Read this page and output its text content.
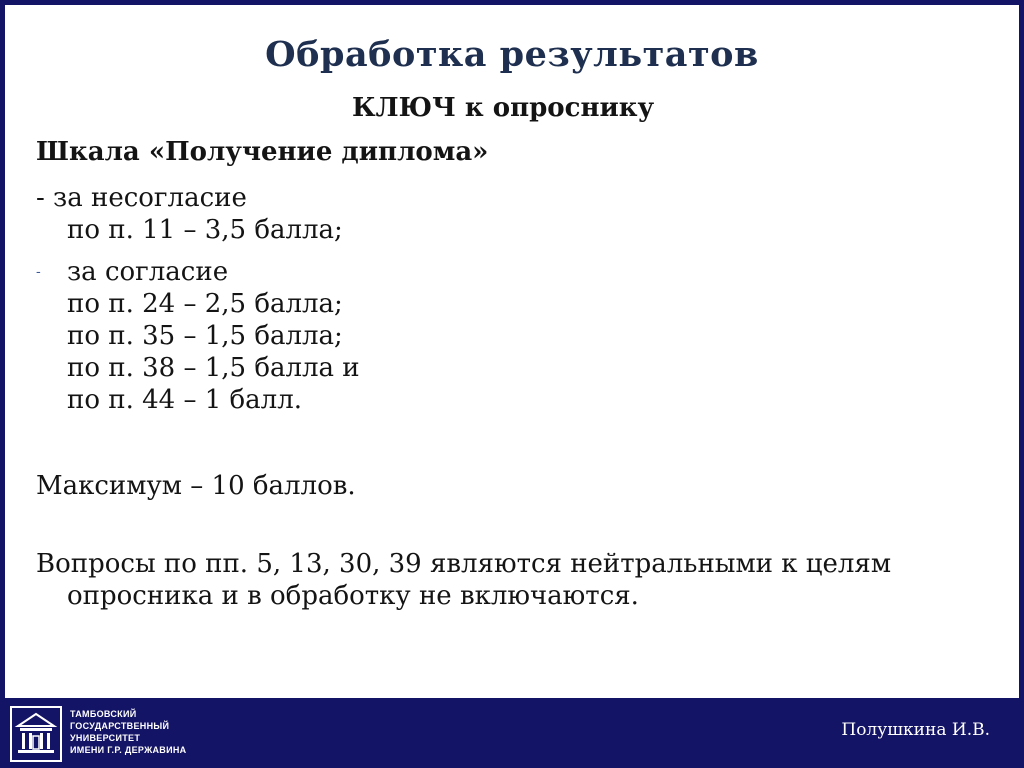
Обработка результатов
КЛЮЧ к опроснику
Шкала «Получение диплома»
- за несогласие
по п. 11 – 3,5 балла;
-	за согласие
по п. 24 – 2,5 балла;
по п. 35 – 1,5 балла;
по п. 38 – 1,5 балла и
по п. 44 – 1 балл.
Максимум – 10 баллов.
Вопросы по пп. 5, 13, 30, 39 являются нейтральными к целям
опросника и в обработку не включаются.
ТАМБОВСКИЙ
ГОСУДАРСТВЕННЫЙ
УНИВЕРСИТЕТ
ИМЕНИ Г.Р. ДЕРЖАВИНА
Полушкина И.В.
